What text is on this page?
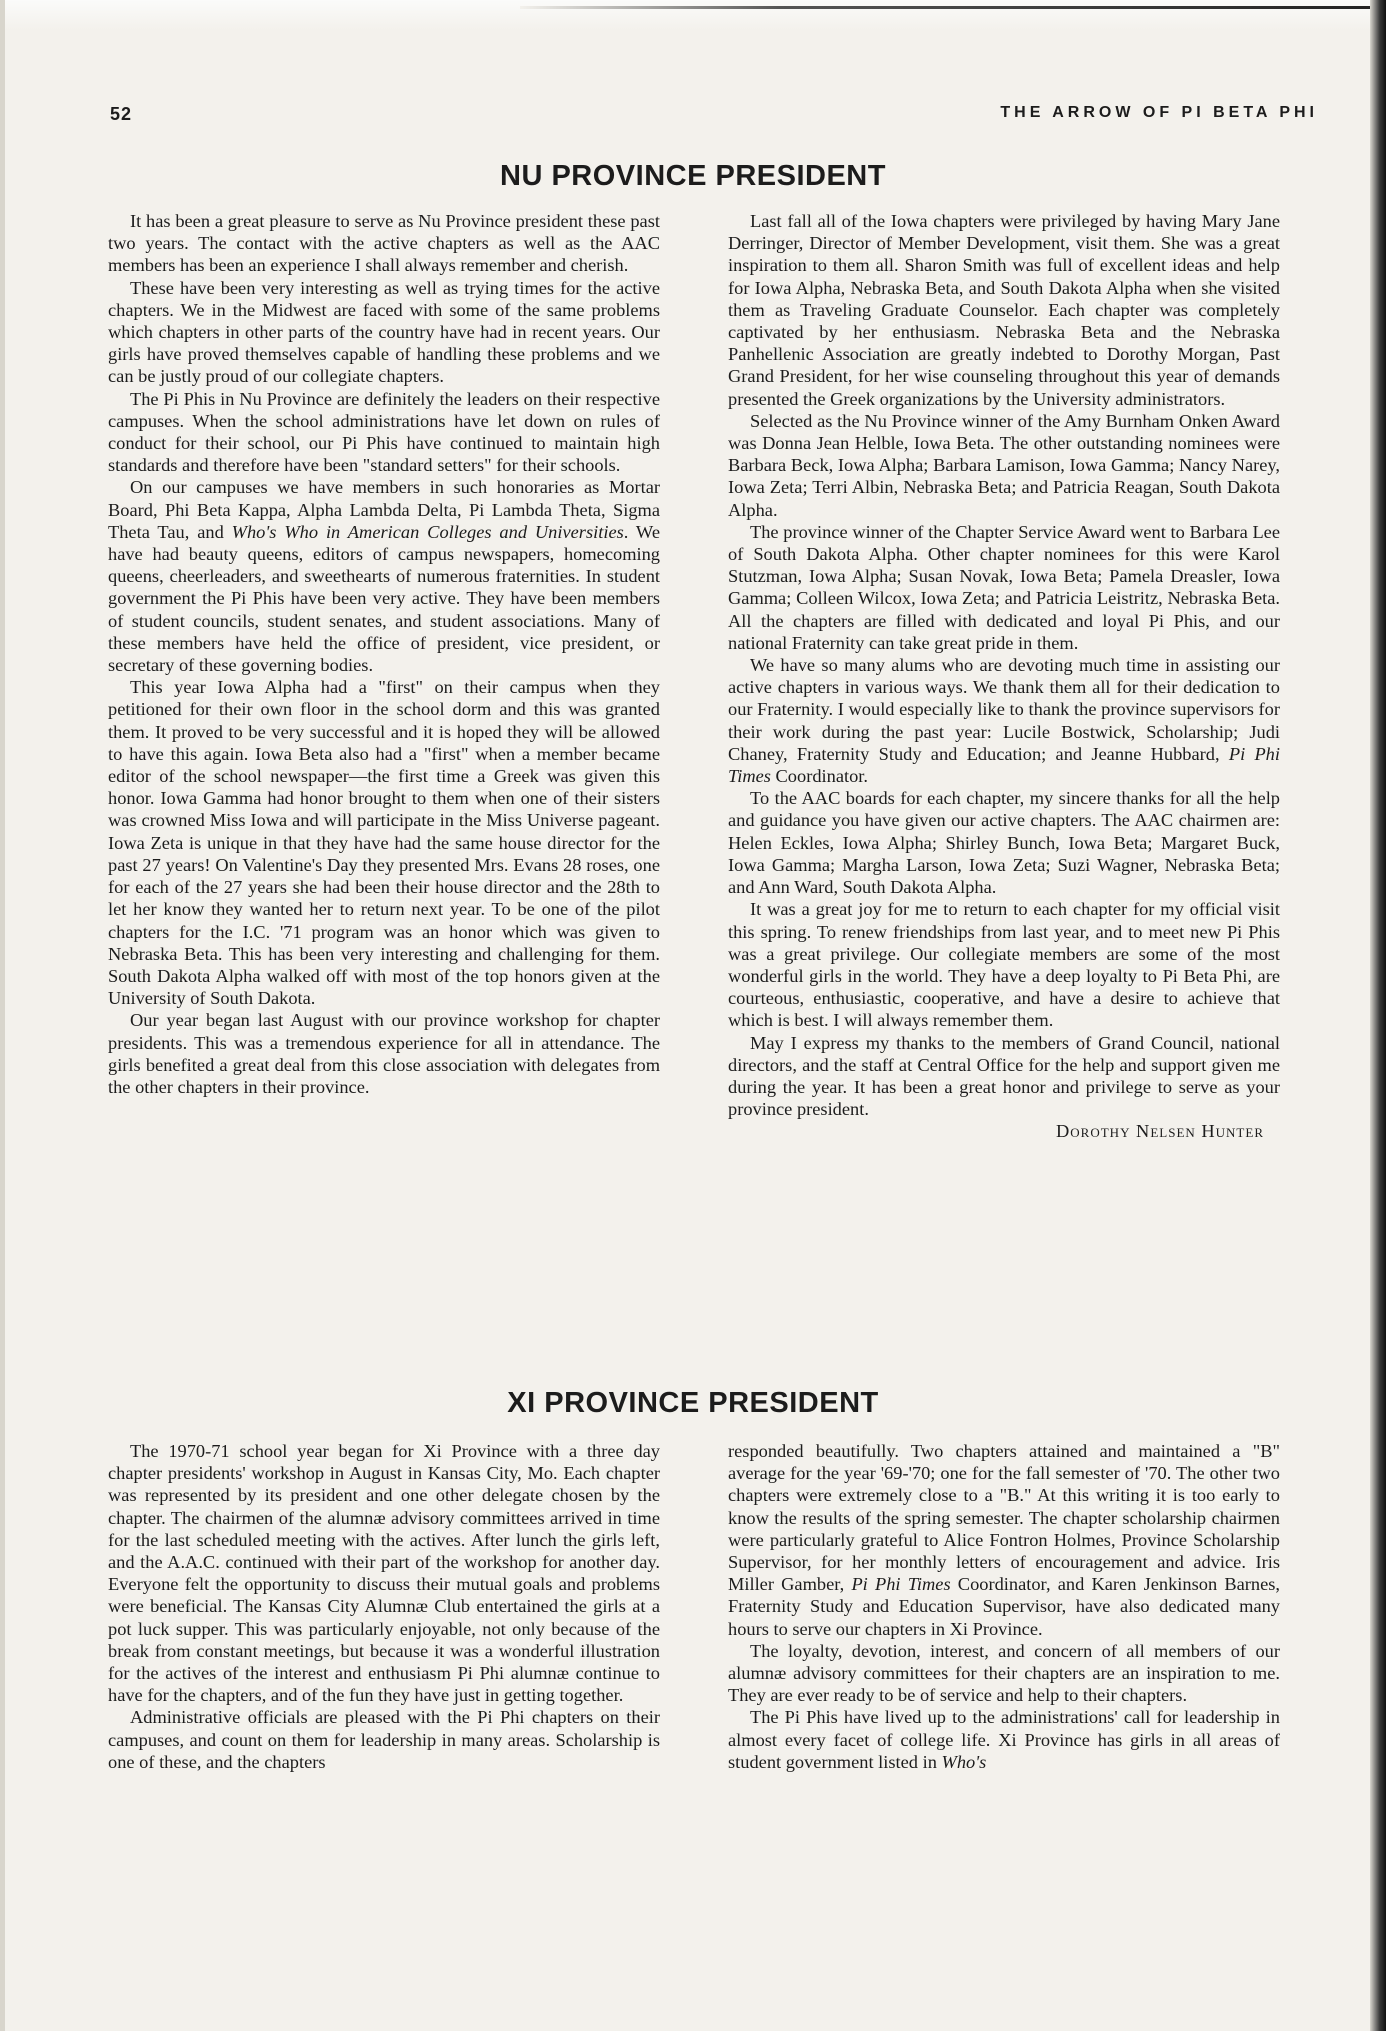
52	THE ARROW OF PI BETA PHI
NU PROVINCE PRESIDENT

It has been a great pleasure to serve as Nu Province president these past two years. The contact with the active chapters as well as the AAC members has been an experience I shall always remember and cherish.

These have been very interesting as well as trying times for the active chapters. We in the Midwest are faced with some of the same problems which chapters in other parts of the country have had in recent years. Our girls have proved themselves capable of handling these problems and we can be justly proud of our collegiate chapters.

The Pi Phis in Nu Province are definitely the leaders on their respective campuses. When the school administrations have let down on rules of conduct for their school, our Pi Phis have continued to maintain high standards and therefore have been "standard setters" for their schools.

On our campuses we have members in such honoraries as Mortar Board, Phi Beta Kappa, Alpha Lambda Delta, Pi Lambda Theta, Sigma Theta Tau, and Who's Who in American Colleges and Universities. We have had beauty queens, editors of campus newspapers, homecoming queens, cheerleaders, and sweethearts of numerous fraternities. In student government the Pi Phis have been very active. They have been members of student councils, student senates, and student associations. Many of these members have held the office of president, vice president, or secretary of these governing bodies.

This year Iowa Alpha had a "first" on their campus when they petitioned for their own floor in the school dorm and this was granted them. It proved to be very successful and it is hoped they will be allowed to have this again. Iowa Beta also had a "first" when a member became editor of the school newspaper—the first time a Greek was given this honor. Iowa Gamma had honor brought to them when one of their sisters was crowned Miss Iowa and will participate in the Miss Universe pageant. Iowa Zeta is unique in that they have had the same house director for the past 27 years! On Valentine's Day they presented Mrs. Evans 28 roses, one for each of the 27 years she had been their house director and the 28th to let her know they wanted her to return next year. To be one of the pilot chapters for the I.C. '71 program was an honor which was given to Nebraska Beta. This has been very interesting and challenging for them. South Dakota Alpha walked off with most of the top honors given at the University of South Dakota.

Our year began last August with our province workshop for chapter presidents. This was a tremendous experience for all in attendance. The girls benefited a great deal from this close association with delegates from the other chapters in their province.

Last fall all of the Iowa chapters were privileged by having Mary Jane Derringer, Director of Member Development, visit them. She was a great inspiration to them all. Sharon Smith was full of excellent ideas and help for Iowa Alpha, Nebraska Beta, and South Dakota Alpha when she visited them as Traveling Graduate Counselor. Each chapter was completely captivated by her enthusiasm. Nebraska Beta and the Nebraska Panhellenic Association are greatly indebted to Dorothy Morgan, Past Grand President, for her wise counseling throughout this year of demands presented the Greek organizations by the University administrators.

Selected as the Nu Province winner of the Amy Burnham Onken Award was Donna Jean Helble, Iowa Beta. The other outstanding nominees were Barbara Beck, Iowa Alpha; Barbara Lamison, Iowa Gamma; Nancy Narey, Iowa Zeta; Terri Albin, Nebraska Beta; and Patricia Reagan, South Dakota Alpha.

The province winner of the Chapter Service Award went to Barbara Lee of South Dakota Alpha. Other chapter nominees for this were Karol Stutzman, Iowa Alpha; Susan Novak, Iowa Beta; Pamela Dreasler, Iowa Gamma; Colleen Wilcox, Iowa Zeta; and Patricia Leistritz, Nebraska Beta. All the chapters are filled with dedicated and loyal Pi Phis, and our national Fraternity can take great pride in them.

We have so many alums who are devoting much time in assisting our active chapters in various ways. We thank them all for their dedication to our Fraternity. I would especially like to thank the province supervisors for their work during the past year: Lucile Bostwick, Scholarship; Judi Chaney, Fraternity Study and Education; and Jeanne Hubbard, Pi Phi Times Coordinator.

To the AAC boards for each chapter, my sincere thanks for all the help and guidance you have given our active chapters. The AAC chairmen are: Helen Eckles, Iowa Alpha; Shirley Bunch, Iowa Beta; Margaret Buck, Iowa Gamma; Margha Larson, Iowa Zeta; Suzi Wagner, Nebraska Beta; and Ann Ward, South Dakota Alpha.

It was a great joy for me to return to each chapter for my official visit this spring. To renew friendships from last year, and to meet new Pi Phis was a great privilege. Our collegiate members are some of the most wonderful girls in the world. They have a deep loyalty to Pi Beta Phi, are courteous, enthusiastic, cooperative, and have a desire to achieve that which is best. I will always remember them.

May I express my thanks to the members of Grand Council, national directors, and the staff at Central Office for the help and support given me during the year. It has been a great honor and privilege to serve as your province president.

Dorothy Nelsen Hunter

XI PROVINCE PRESIDENT

The 1970-71 school year began for Xi Province with a three day chapter presidents' workshop in August in Kansas City, Mo. Each chapter was represented by its president and one other delegate chosen by the chapter. The chairmen of the alumnæ advisory committees arrived in time for the last scheduled meeting with the actives. After lunch the girls left, and the A.A.C. continued with their part of the workshop for another day. Everyone felt the opportunity to discuss their mutual goals and problems were beneficial. The Kansas City Alumnæ Club entertained the girls at a pot luck supper. This was particularly enjoyable, not only because of the break from constant meetings, but because it was a wonderful illustration for the actives of the interest and enthusiasm Pi Phi alumnæ continue to have for the chapters, and of the fun they have just in getting together.

Administrative officials are pleased with the Pi Phi chapters on their campuses, and count on them for leadership in many areas. Scholarship is one of these, and the chapters

responded beautifully. Two chapters attained and maintained a "B" average for the year '69-'70; one for the fall semester of '70. The other two chapters were extremely close to a "B." At this writing it is too early to know the results of the spring semester. The chapter scholarship chairmen were particularly grateful to Alice Fontron Holmes, Province Scholarship Supervisor, for her monthly letters of encouragement and advice. Iris Miller Gamber, Pi Phi Times Coordinator, and Karen Jenkinson Barnes, Fraternity Study and Education Supervisor, have also dedicated many hours to serve our chapters in Xi Province.

The loyalty, devotion, interest, and concern of all members of our alumnæ advisory committees for their chapters are an inspiration to me. They are ever ready to be of service and help to their chapters.

The Pi Phis have lived up to the administrations' call for leadership in almost every facet of college life. Xi Province has girls in all areas of student government listed in Who's
